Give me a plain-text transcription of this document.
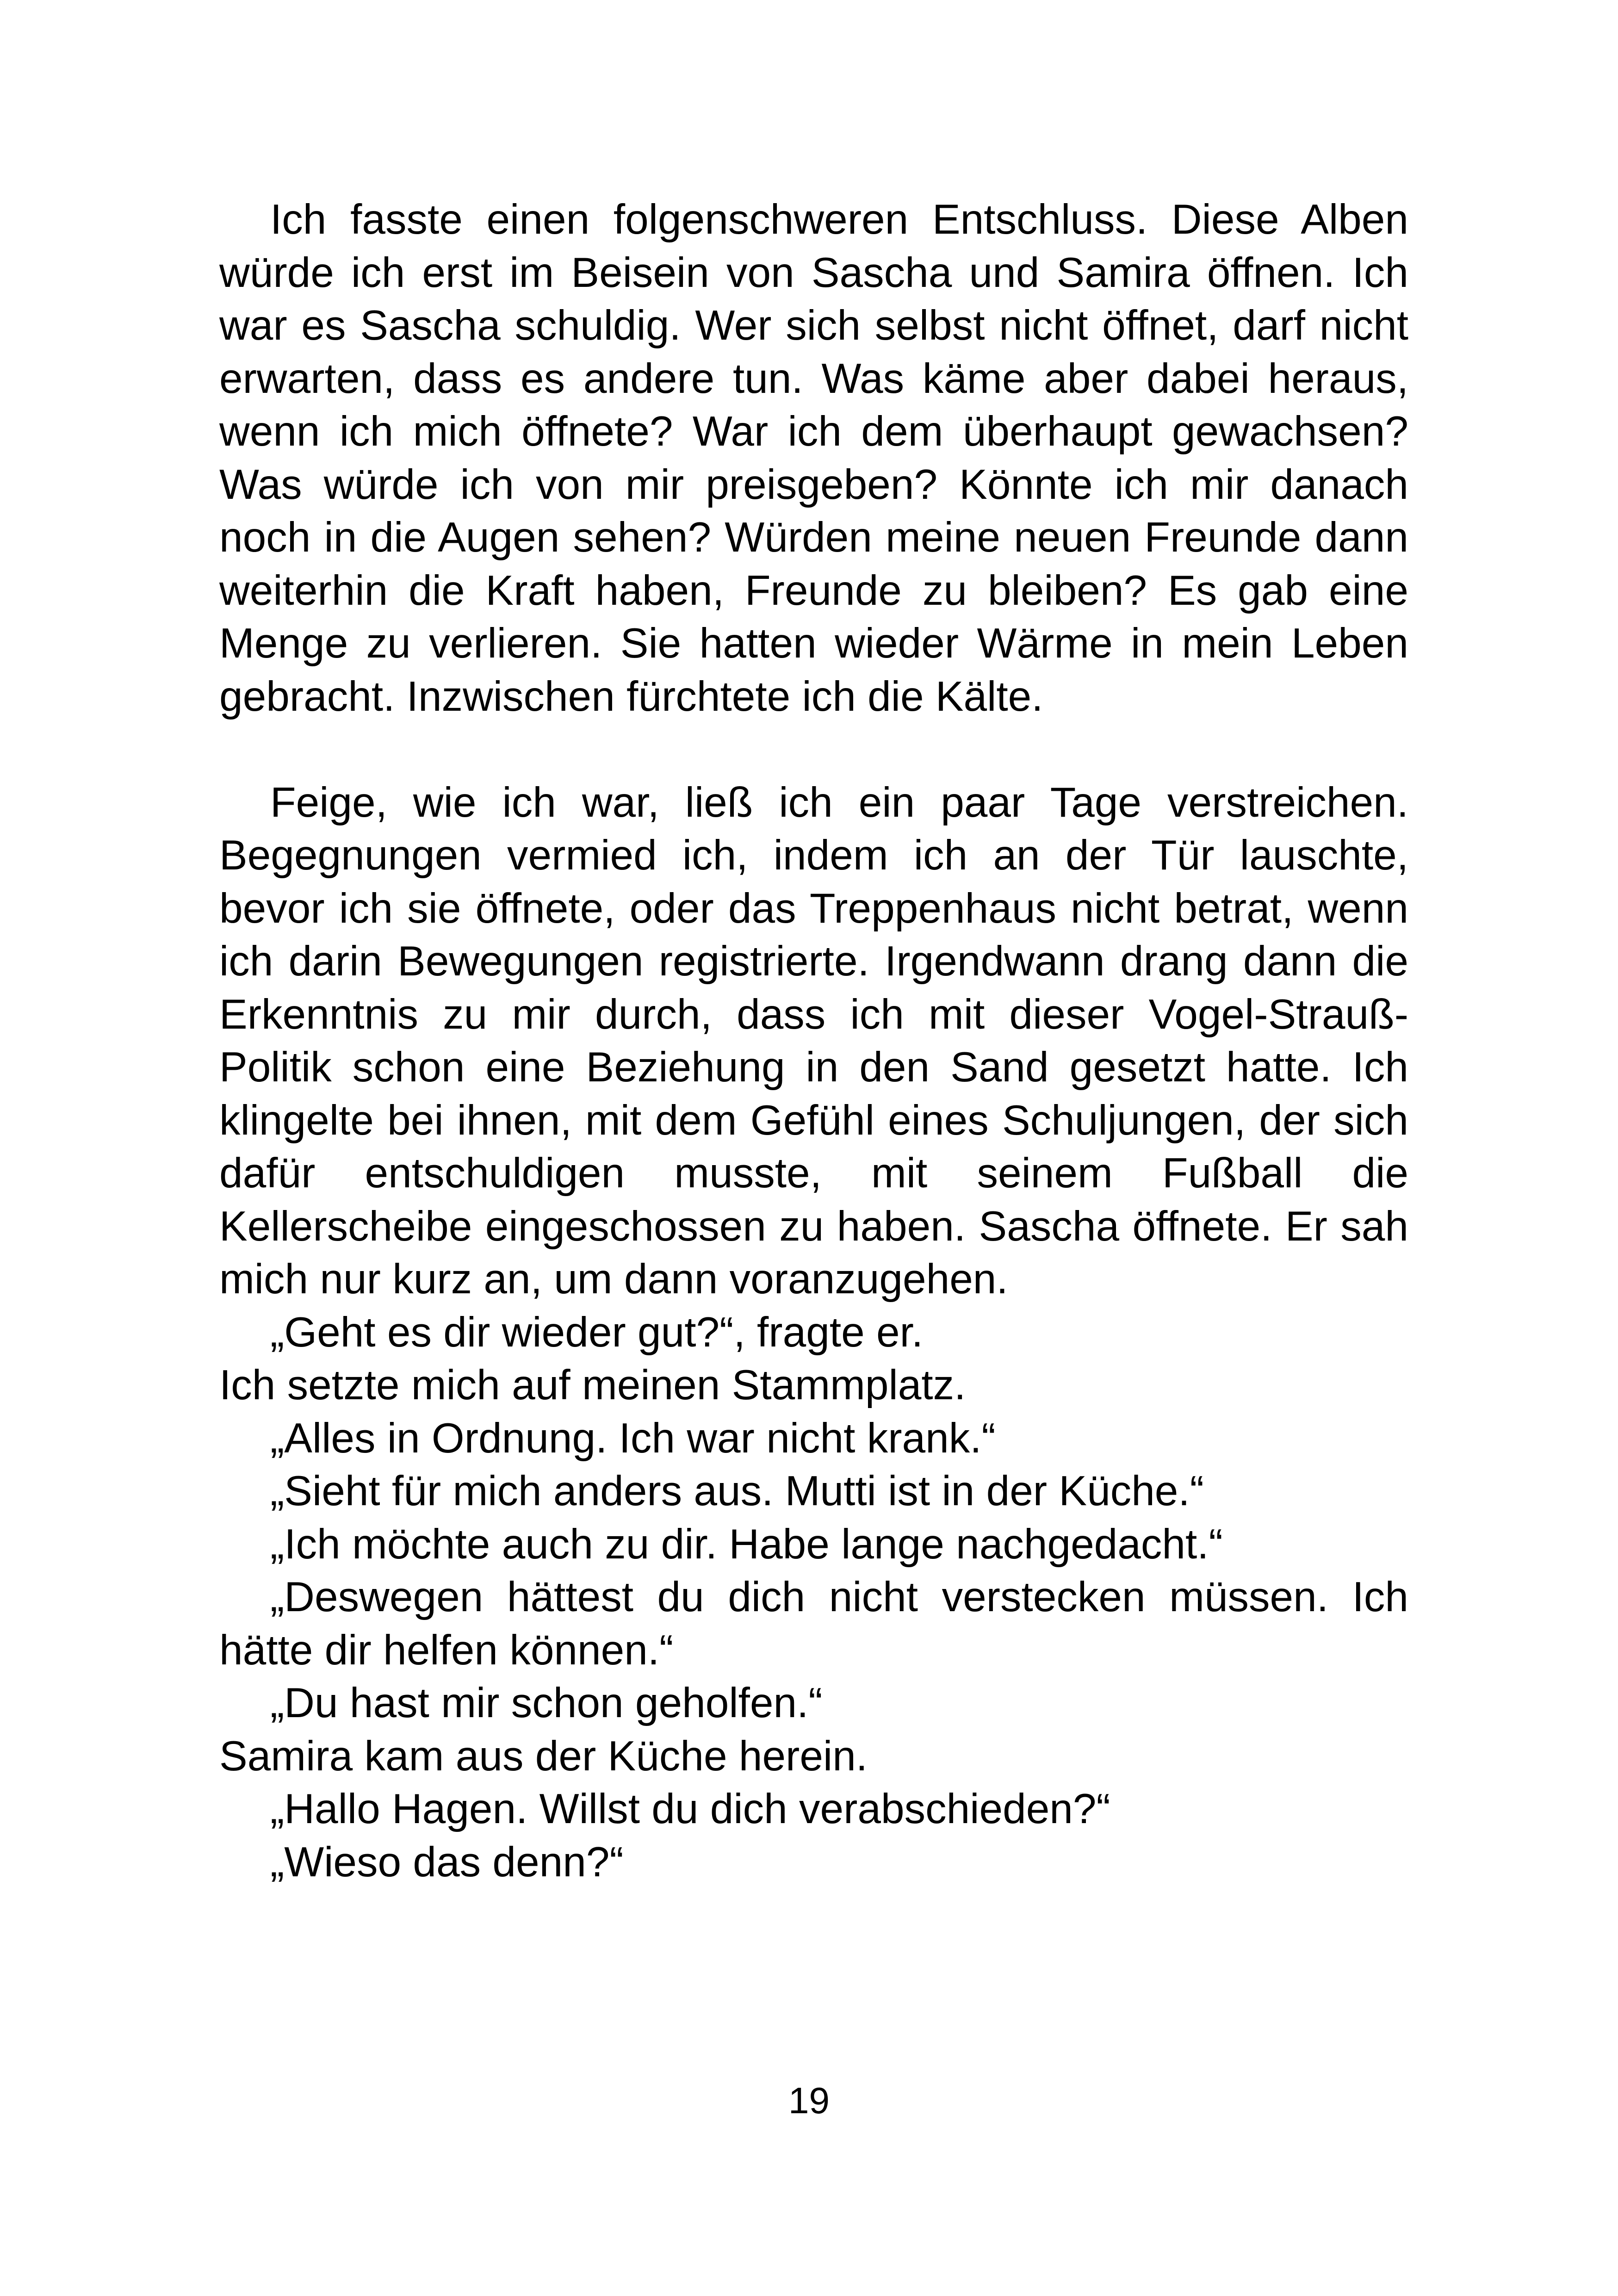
Ich fasste einen folgenschweren Entschluss. Diese Alben würde ich erst im Beisein von Sascha und Samira öffnen. Ich war es Sascha schuldig. Wer sich selbst nicht öffnet, darf nicht erwarten, dass es andere tun. Was käme aber dabei heraus, wenn ich mich öffnete? War ich dem überhaupt gewachsen? Was würde ich von mir preisgeben? Könnte ich mir danach noch in die Augen sehen? Würden meine neuen Freunde dann weiterhin die Kraft haben, Freunde zu bleiben? Es gab eine Menge zu verlieren. Sie hatten wieder Wärme in mein Leben gebracht. Inzwischen fürchtete ich die Kälte.

Feige, wie ich war, ließ ich ein paar Tage verstreichen. Begegnungen vermied ich, indem ich an der Tür lauschte, bevor ich sie öffnete, oder das Treppenhaus nicht betrat, wenn ich darin Bewegungen registrierte. Irgendwann drang dann die Erkenntnis zu mir durch, dass ich mit dieser Vogel-Strauß-Politik schon eine Beziehung in den Sand gesetzt hatte. Ich klingelte bei ihnen, mit dem Gefühl eines Schuljungen, der sich dafür entschuldigen musste, mit seinem Fußball die Kellerscheibe eingeschossen zu haben. Sascha öffnete. Er sah mich nur kurz an, um dann voranzugehen.

„Geht es dir wieder gut?“, fragte er.

Ich setzte mich auf meinen Stammplatz.

„Alles in Ordnung. Ich war nicht krank.“

„Sieht für mich anders aus. Mutti ist in der Küche.“

„Ich möchte auch zu dir. Habe lange nachgedacht.“

„Deswegen hättest du dich nicht verstecken müssen. Ich hätte dir helfen können.“

„Du hast mir schon geholfen.“

Samira kam aus der Küche herein.

„Hallo Hagen. Willst du dich verabschieden?“

„Wieso das denn?“

19
